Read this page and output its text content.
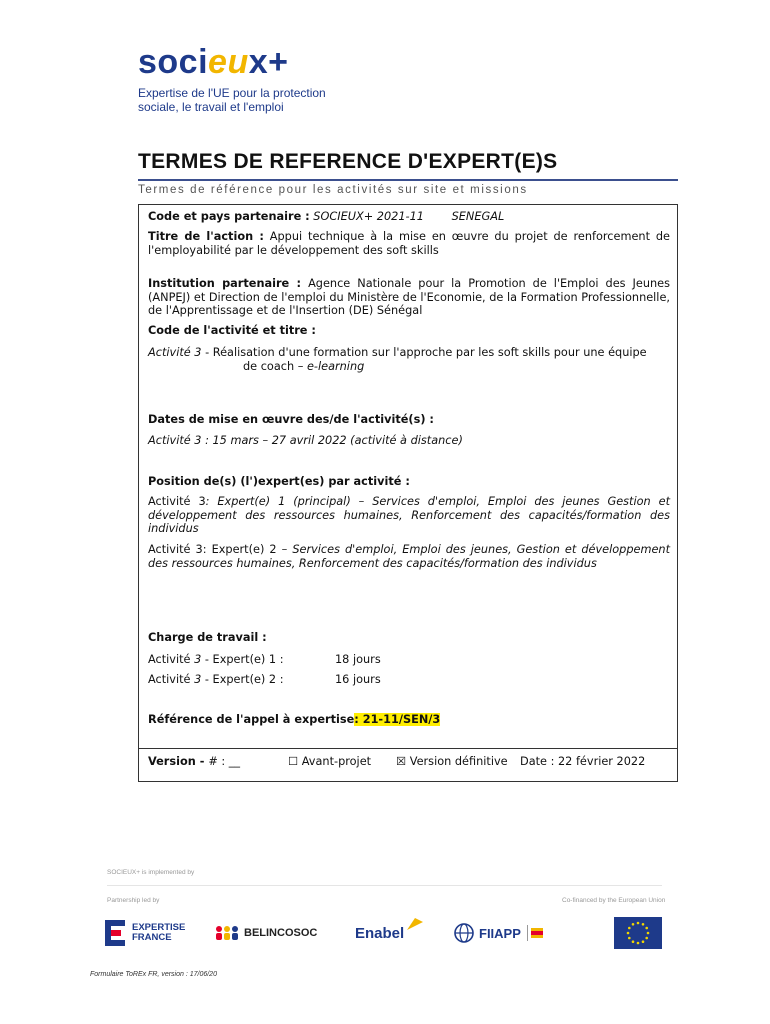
socieux+
Expertise de l'UE pour la protection sociale, le travail et l'emploi
TERMES DE REFERENCE D'EXPERT(E)S
Termes de référence pour les activités sur site et missions
Code et pays partenaire : SOCIEUX+ 2021-11 SENEGAL
Titre de l'action : Appui technique à la mise en œuvre du projet de renforcement de l'employabilité par le développement des soft skills
Institution partenaire : Agence Nationale pour la Promotion de l'Emploi des Jeunes (ANPEJ) et Direction de l'emploi du Ministère de l'Economie, de la Formation Professionnelle, de l'Apprentissage et de l'Insertion (DE) Sénégal
Code de l'activité et titre :
Activité 3 - Réalisation d'une formation sur l'approche par les soft skills pour une équipe
de coach – e-learning
Dates de mise en œuvre des/de l'activité(s) :
Activité 3 : 15 mars – 27 avril 2022 (activité à distance)
Position de(s) (l')expert(es) par activité :
Activité 3: Expert(e) 1 (principal) – Services d'emploi, Emploi des jeunes Gestion et développement des ressources humaines, Renforcement des capacités/formation des individus
Activité 3: Expert(e) 2 – Services d'emploi, Emploi des jeunes, Gestion et développement des ressources humaines, Renforcement des capacités/formation des individus
Charge de travail :
Activité 3 - Expert(e) 1 :	18 jours
Activité 3 - Expert(e) 2 :	16 jours
Référence de l'appel à expertise: 21-11/SEN/3
Version - # : __	☐ Avant-projet ☒ Version définitive Date : 22 février 2022
SOCIEUX+ is implemented by
Partnership led by	Co-financed by the European Union
EXPERTISE
FRANCE	BELINCOSOC	Enabel	FIIAPP
Formulaire ToREx FR, version : 17/06/20
